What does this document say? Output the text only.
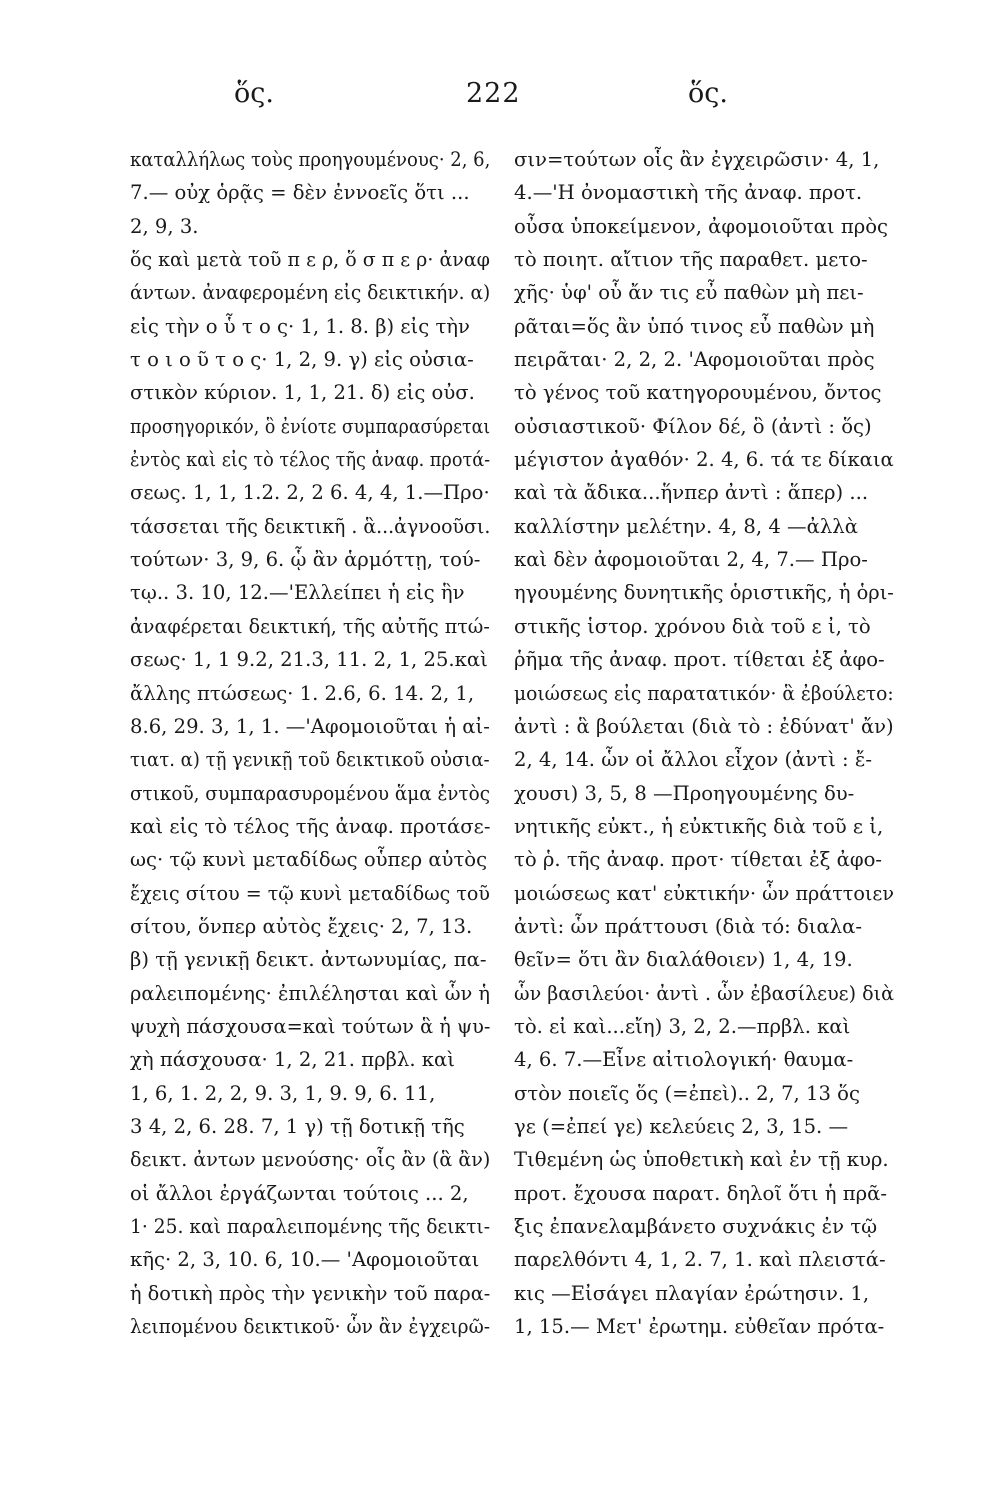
ὅς.	222	ὅς.
καταλλήλως τοὺς προηγουμένους· 2, 6,
7.— οὐχ ὁρᾷς = δὲν ἐννοεῖς ὅτι ...
2, 9, 3.
ὅς καὶ μετὰ τοῦ π ε ρ, ὅ σ π ε ρ· ἀναφ
άντων. ἀναφερομένη εἰς δεικτικήν. α)
εἰς τὴν ο ὗ τ ο ς· 1, 1. 8. β) εἰς τὴν
τ ο ι ο ῦ τ ο ς· 1, 2, 9. γ) εἰς οὐσια-
στικὸν κύριον. 1, 1, 21. δ) εἰς οὐσ.
προσηγορικόν, ὃ ἐνίοτε συμπαρασύρεται
ἐντὸς καὶ εἰς τὸ τέλος τῆς ἀναφ. προτά-
σεως. 1, 1, 1.2. 2, 2 6. 4, 4, 1.—Προ·
τάσσεται τῆς δεικτικῆ . ἃ...ἀγνοοῦσι.
τούτων· 3, 9, 6. ᾧ ἂν ἁρμόττῃ, τού-
τῳ.. 3. 10, 12.—'Ελλείπει ἡ εἰς ἣν
ἀναφέρεται δεικτική, τῆς αὐτῆς πτώ-
σεως· 1, 1 9.2, 21.3, 11. 2, 1, 25.καὶ
ἄλλης πτώσεως· 1. 2.6, 6. 14. 2, 1,
8.6, 29. 3, 1, 1. —'Αφομοιοῦται ἡ αἰ-
τιατ. α) τῇ γενικῇ τοῦ δεικτικοῦ οὐσια-
στικοῦ, συμπαρασυρομένου ἅμα ἐντὸς
καὶ εἰς τὸ τέλος τῆς ἀναφ. προτάσε-
ως· τῷ κυνὶ μεταδίδως οὗπερ αὐτὸς
ἔχεις σίτου = τῷ κυνὶ μεταδίδως τοῦ
σίτου, ὅνπερ αὐτὸς ἔχεις· 2, 7, 13.
β) τῇ γενικῇ δεικτ. ἀντωνυμίας, πα-
ραλειπομένης· ἐπιλέλησται καὶ ὧν ἡ
ψυχὴ πάσχουσα=καὶ τούτων ἃ ἡ ψυ-
χὴ πάσχουσα· 1, 2, 21. πρβλ. καὶ
1, 6, 1. 2, 2, 9. 3, 1, 9. 9, 6. 11,
3 4, 2, 6. 28. 7, 1 γ) τῇ δοτικῇ τῆς
δεικτ. ἀντων μενούσης· οἷς ἂν (ἃ ἂν)
οἱ ἄλλοι ἐργάζωνται τούτοις ... 2,
1· 25. καὶ παραλειπομένης τῆς δεικτι-
κῆς· 2, 3, 10. 6, 10.— 'Αφομοιοῦται
ἡ δοτικὴ πρὸς τὴν γενικὴν τοῦ παρα-
λειπομένου δεικτικοῦ· ὧν ἂν ἐγχειρῶ-
σιν=τούτων οἷς ἂν ἐγχειρῶσιν· 4, 1,
4.—'Η ὀνομαστικὴ τῆς ἀναφ. προτ.
οὖσα ὑποκείμενον, ἀφομοιοῦται πρὸς
τὸ ποιητ. αἴτιον τῆς παραθετ. μετο-
χῆς· ὑφ' οὗ ἄν τις εὖ παθὼν μὴ πει-
ρᾶται=ὅς ἂν ὑπό τινος εὖ παθὼν μὴ
πειρᾶται· 2, 2, 2. 'Αφομοιοῦται πρὸς
τὸ γένος τοῦ κατηγορουμένου, ὄντος
οὐσιαστικοῦ· Φίλον δέ, ὃ (ἀντὶ : ὅς)
μέγιστον ἀγαθόν· 2. 4, 6. τά τε δίκαια
καὶ τὰ ἄδικα...ἥνπερ ἀντὶ : ἅπερ) ...
καλλίστην μελέτην. 4, 8, 4 —ἀλλὰ
καὶ δὲν ἀφομοιοῦται 2, 4, 7.— Προ-
ηγουμένης δυνητικῆς ὁριστικῆς, ἡ ὁρι-
στικῆς ἱστορ. χρόνου διὰ τοῦ ε ἰ, τὸ
ῥῆμα τῆς ἀναφ. προτ. τίθεται ἐξ ἀφο-
μοιώσεως εἰς παρατατικόν· ἃ ἐβούλετο:
ἀντὶ : ἃ βούλεται (διὰ τὸ : ἐδύνατ' ἄν)
2, 4, 14. ὧν οἱ ἄλλοι εἶχον (ἀντὶ : ἔ-
χουσι) 3, 5, 8 —Προηγουμένης δυ-
νητικῆς εὐκτ., ἡ εὐκτικῆς διὰ τοῦ ε ἰ,
τὸ ῥ. τῆς ἀναφ. προτ· τίθεται ἐξ ἀφο-
μοιώσεως κατ' εὐκτικήν· ὧν πράττοιεν
ἀντὶ: ὧν πράττουσι (διὰ τό: διαλα-
θεῖν= ὅτι ἂν διαλάθοιεν) 1, 4, 19.
ὧν βασιλεύοι· ἀντὶ . ὧν ἐβασίλευε) διὰ
τὸ. εἰ καὶ...εἴη) 3, 2, 2.—πρβλ. καὶ
4, 6. 7.—Εἶνε αἰτιολογική· θαυμα-
στὸν ποιεῖς ὅς (=ἐπεὶ).. 2, 7, 13 ὅς
γε (=ἐπεί γε) κελεύεις 2, 3, 15. —
Τιθεμένη ὡς ὑποθετικὴ καὶ ἐν τῇ κυρ.
προτ. ἔχουσα παρατ. δηλοῖ ὅτι ἡ πρᾶ-
ξις ἐπανελαμβάνετο συχνάκις ἐν τῷ
παρελθόντι 4, 1, 2. 7, 1. καὶ πλειστά-
κις —Εἰσάγει πλαγίαν ἐρώτησιν. 1,
1, 15.— Μετ' ἐρωτημ. εὐθεῖαν πρότα-
